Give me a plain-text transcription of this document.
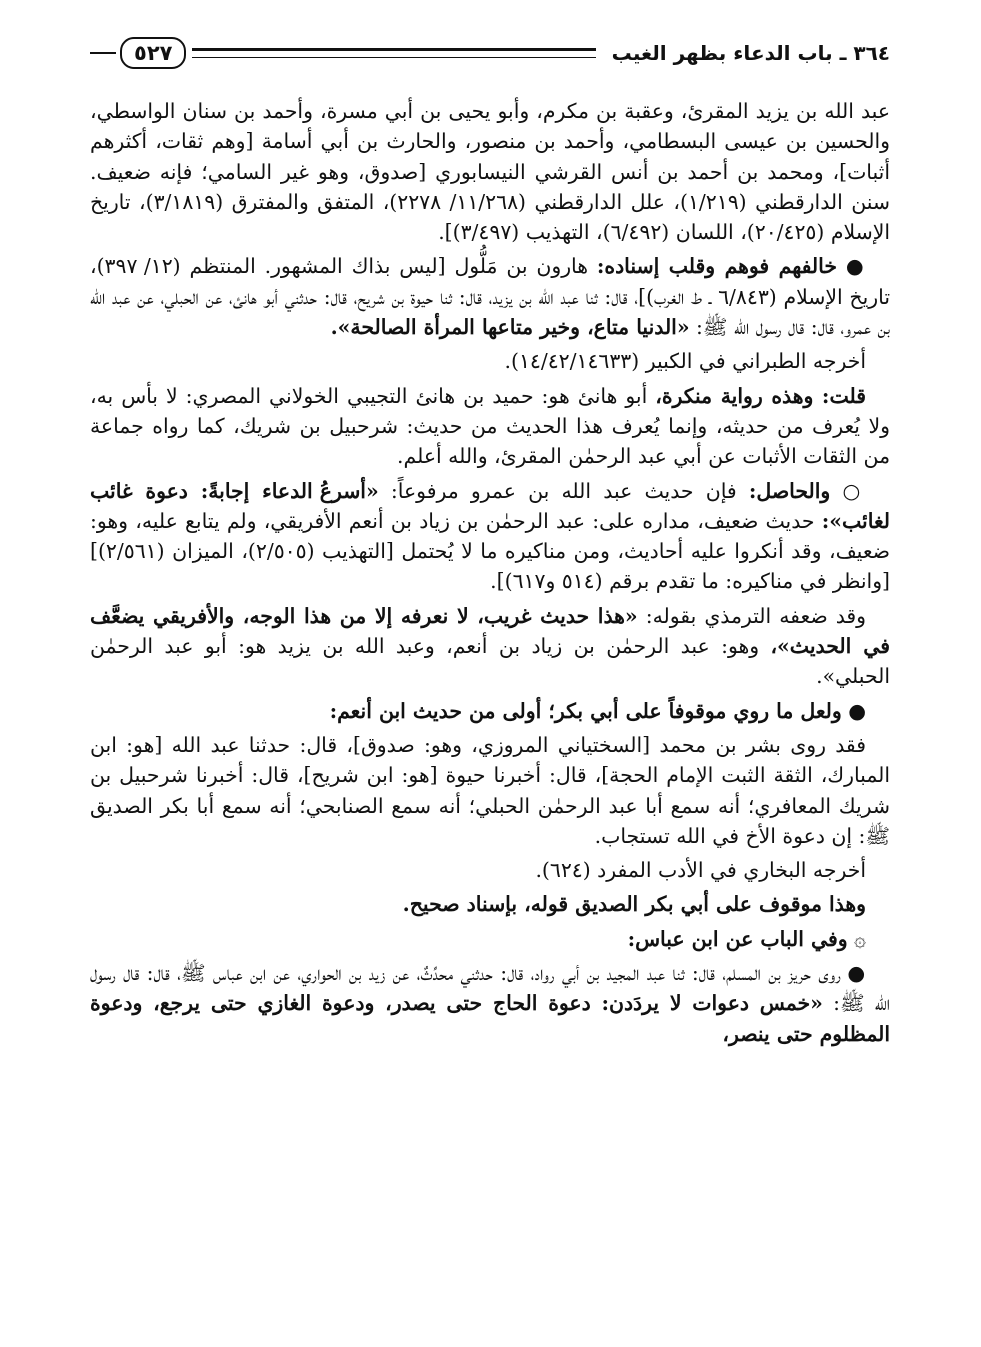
٣٦٤ ـ باب الدعاء بظهر الغيب
٥٢٧

عبد الله بن يزيد المقرئ، وعقبة بن مكرم، وأبو يحيى بن أبي مسرة، وأحمد بن سنان الواسطي، والحسين بن عيسى البسطامي، وأحمد بن منصور، والحارث بن أبي أسامة [وهم ثقات، أكثرهم أثبات]، ومحمد بن أحمد بن أنس القرشي النيسابوري [صدوق، وهو غير السامي؛ فإنه ضعيف. سنن الدارقطني (١/٢١٩)، علل الدارقطني (١١/٢٦٨/ ٢٢٧٨)، المتفق والمفترق (٣/١٨١٩)، تاريخ الإسلام (٢٠/٤٢٥)، اللسان (٦/٤٩٢)، التهذيب (٣/٤٩٧)].

● خالفهم فوهم وقلب إسناده: هارون بن مَلُّول [ليس بذاك المشهور. المنتظم (١٢/ ٣٩٧)، تاريخ الإسلام (٦/٨٤٣ ـ ط الغرب)]، قال: ثنا عبد الله بن يزيد، قال: ثنا حيوة بن شريح، قال: حدثني أبو هانئ، عن الحبلي، عن عبد الله بن عمرو، قال: قال رسول الله ﷺ: «الدنيا متاع، وخير متاعها المرأة الصالحة».

أخرجه الطبراني في الكبير (١٤/٤٢/١٤٦٣٣).

قلت: وهذه رواية منكرة، أبو هانئ هو: حميد بن هانئ التجيبي الخولاني المصري: لا بأس به، ولا يُعرف من حديثه، وإنما يُعرف هذا الحديث من حديث: شرحبيل بن شريك، كما رواه جماعة من الثقات الأثبات عن أبي عبد الرحمٰن المقرئ، والله أعلم.

○ والحاصل: فإن حديث عبد الله بن عمرو مرفوعاً: «أسرعُ الدعاء إجابةً: دعوة غائب لغائب»: حديث ضعيف، مداره على: عبد الرحمٰن بن زياد بن أنعم الأفريقي، ولم يتابع عليه، وهو: ضعيف، وقد أنكروا عليه أحاديث، ومن مناكيره ما لا يُحتمل [التهذيب (٢/٥٠٥)، الميزان (٢/٥٦١)] [وانظر في مناكيره: ما تقدم برقم (٥١٤ و٦١٧)].

وقد ضعفه الترمذي بقوله: «هذا حديث غريب، لا نعرفه إلا من هذا الوجه، والأفريقي يضعَّف في الحديث»، وهو: عبد الرحمٰن بن زياد بن أنعم، وعبد الله بن يزيد هو: أبو عبد الرحمٰن الحبلي».

● ولعل ما روي موقوفاً على أبي بكر؛ أولى من حديث ابن أنعم:

فقد روى بشر بن محمد [السختياني المروزي، وهو: صدوق]، قال: حدثنا عبد الله [هو: ابن المبارك، الثقة الثبت الإمام الحجة]، قال: أخبرنا حيوة [هو: ابن شريح]، قال: أخبرنا شرحبيل بن شريك المعافري؛ أنه سمع أبا عبد الرحمٰن الحبلي؛ أنه سمع الصنابحي؛ أنه سمع أبا بكر الصديق ﷺ: إن دعوة الأخ في الله تستجاب.

أخرجه البخاري في الأدب المفرد (٦٢٤).

وهذا موقوف على أبي بكر الصديق قوله، بإسناد صحيح.

۞ وفي الباب عن ابن عباس:

● روى حريز بن المسلم، قال: ثنا عبد المجيد بن أبي رواد، قال: حدثني محدِّثٌ، عن زيد بن الحواري، عن ابن عباس ﷺ، قال: قال رسول الله ﷺ: «خمس دعوات لا يردَدن: دعوة الحاج حتى يصدر، ودعوة الغازي حتى يرجع، ودعوة المظلوم حتى ينصر،
